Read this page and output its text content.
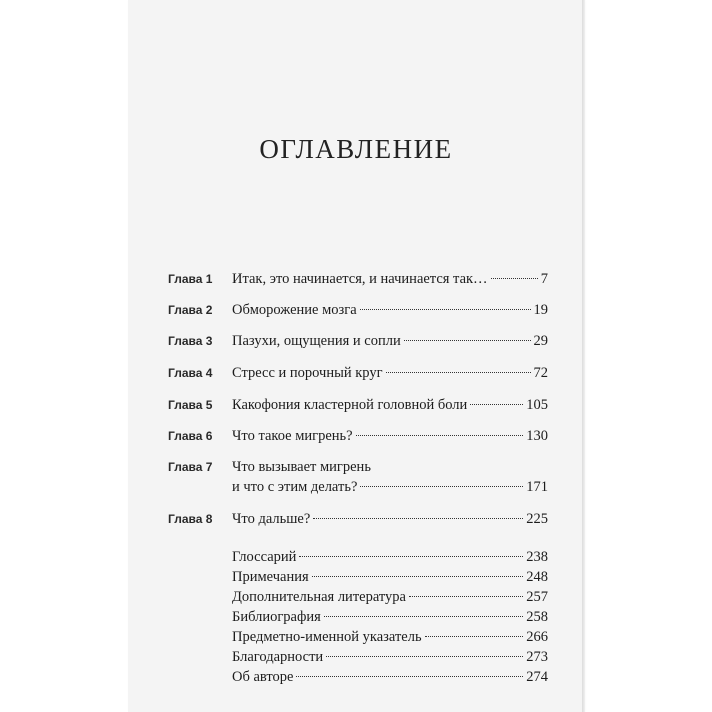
ОГЛАВЛЕНИЕ
Глава 1 Итак, это начинается, и начинается так…	7
Глава 2 Обморожение мозга	19
Глава 3 Пазухи, ощущения и сопли	29
Глава 4 Стресс и порочный круг	72
Глава 5 Какофония кластерной головной боли	105
Глава 6 Что такое мигрень?	130
Глава 7 Что вызывает мигрень
и что с этим делать?	171
Глава 8 Что дальше?	225
Глоссарий	238
Примечания	248
Дополнительная литература	257
Библиография	258
Предметно-именной указатель	266
Благодарности	273
Об авторе	274
